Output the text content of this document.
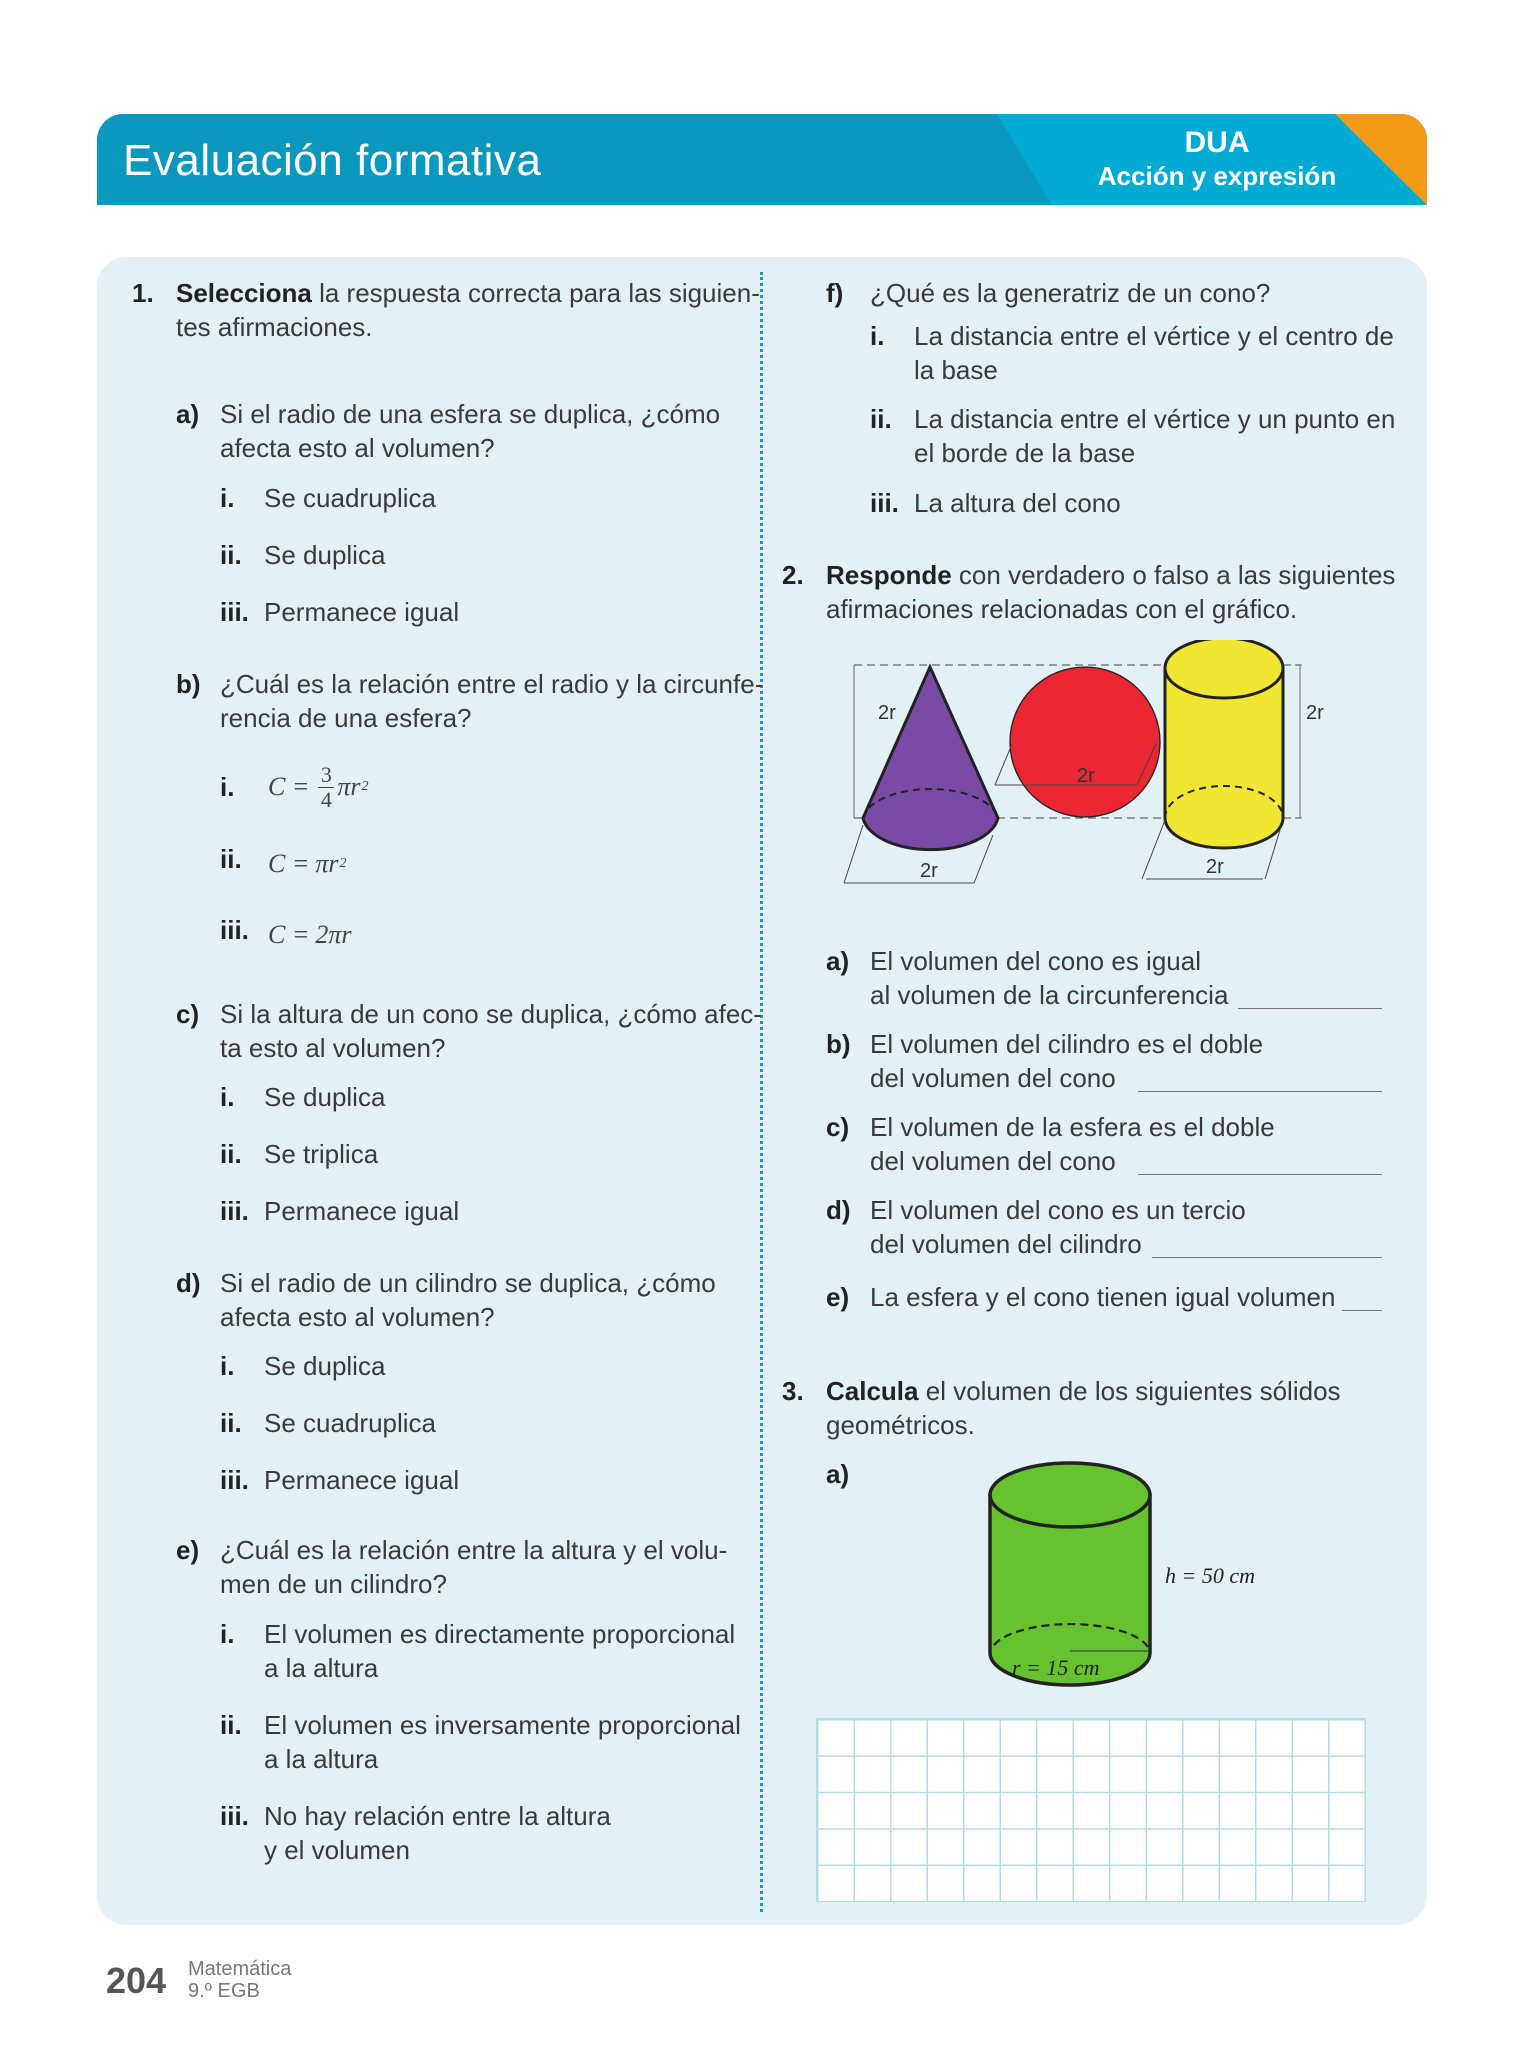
Evaluación formativa	DUA
Acción y expresión
1. Selecciona la respuesta correcta para las siguien-
tes afirmaciones.
a) Si el radio de una esfera se duplica, ¿cómo
afecta esto al volumen?
i. Se cuadruplica
ii. Se duplica
iii. Permanece igual
b) ¿Cuál es la relación entre el radio y la circunfe-
rencia de una esfera?
i. $C = \frac{3}{4}$ πr 2
ii. C = πr 2
iii. C = 2πr
c) Si la altura de un cono se duplica, ¿cómo afec-
ta esto al volumen?
i. Se duplica
ii. Se triplica
iii. Permanece igual
d) Si el radio de un cilindro se duplica, ¿cómo
afecta esto al volumen?
i. Se duplica
ii. Se cuadruplica
iii. Permanece igual
e) ¿Cuál es la relación entre la altura y el volu-
men de un cilindro?
i. El volumen es directamente proporcional
a la altura
ii. El volumen es inversamente proporcional
a la altura
iii. No hay relación entre la altura
y el volumen
f) ¿Qué es la generatriz de un cono?
i. La distancia entre el vértice y el centro de
la base
ii. La distancia entre el vértice y un punto en
el borde de la base
iii. La altura del cono
2. Responde con verdadero o falso a las siguientes
afirmaciones relacionadas con el gráfico.
2r
2r
2r
2r	2r
a) El volumen del cono es igual
al volumen de la circunferencia
b) El volumen del cilindro es el doble
del volumen del cono
c) El volumen de la esfera es el doble
del volumen del cono
d) El volumen del cono es un tercio
del volumen del cilindro
e) La esfera y el cono tienen igual volumen
3. Calcula el volumen de los siguientes sólidos
geométricos.
a)
h = 50 cm
r = 15 cm
204 Matemática
9.º EGB
